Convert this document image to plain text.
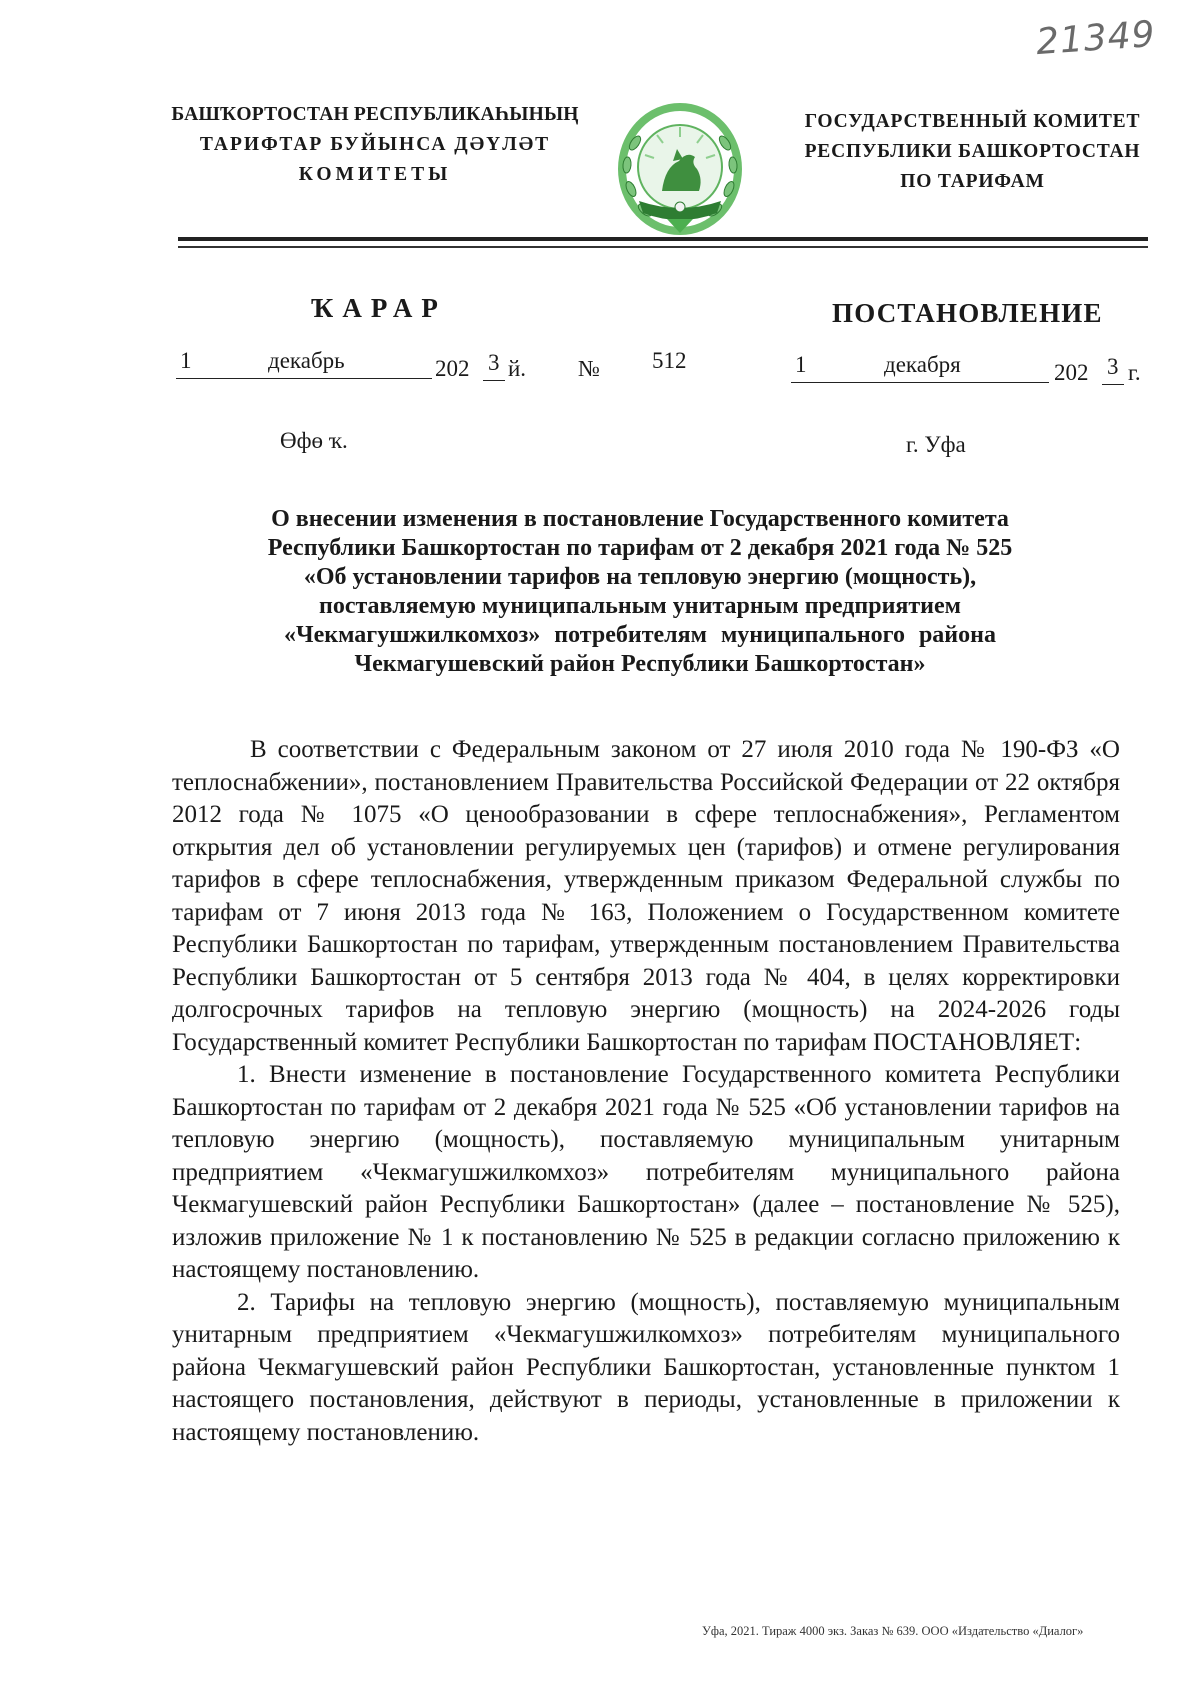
21349
БАШҠОРТОСТАН РЕСПУБЛИКАҺЫНЫҢ
ТАРИФТАР БУЙЫНСА ДӘҮЛӘТ
КОМИТЕТЫ
ГОСУДАРСТВЕННЫЙ КОМИТЕТ
РЕСПУБЛИКИ БАШКОРТОСТАН
ПО ТАРИФАМ
ҠАРАР	ПОСТАНОВЛЕНИЕ
1	декабрь	202 3 й. № 512	1	декабря	202 3 г.
Өфө ҡ.	г. Уфа
О внесении изменения в постановление Государственного комитета
Республики Башкортостан по тарифам от 2 декабря 2021 года № 525
«Об установлении тарифов на тепловую энергию (мощность),
поставляемую муниципальным унитарным предприятием
«Чекмагушжилкомхоз» потребителям муниципального района
Чекмагушевский район Республики Башкортостан»

В соответствии с Федеральным законом от 27 июля 2010 года № 190-ФЗ «О теплоснабжении», постановлением Правительства Российской Федерации от 22 октября 2012 года № 1075 «О ценообразовании в сфере теплоснабжения», Регламентом открытия дел об установлении регулируемых цен (тарифов) и отмене регулирования тарифов в сфере теплоснабжения, утвержденным приказом Федеральной службы по тарифам от 7 июня 2013 года № 163, Положением о Государственном комитете Республики Башкортостан по тарифам, утвержденным постановлением Правительства Республики Башкортостан от 5 сентября 2013 года № 404, в целях корректировки долгосрочных тарифов на тепловую энергию (мощность) на 2024-2026 годы Государственный комитет Республики Башкортостан по тарифам ПОСТАНОВЛЯЕТ:

1. Внести изменение в постановление Государственного комитета Республики Башкортостан по тарифам от 2 декабря 2021 года № 525 «Об установлении тарифов на тепловую энергию (мощность), поставляемую муниципальным унитарным предприятием «Чекмагушжилкомхоз» потребителям муниципального района Чекмагушевский район Республики Башкортостан» (далее – постановление № 525), изложив приложение № 1 к постановлению № 525 в редакции согласно приложению к настоящему постановлению.

2. Тарифы на тепловую энергию (мощность), поставляемую муниципальным унитарным предприятием «Чекмагушжилкомхоз» потребителям муниципального района Чекмагушевский район Республики Башкортостан, установленные пунктом 1 настоящего постановления, действуют в периоды, установленные в приложении к настоящему постановлению.

Уфа, 2021. Тираж 4000 экз. Заказ № 639. ООО «Издательство «Диалог»
